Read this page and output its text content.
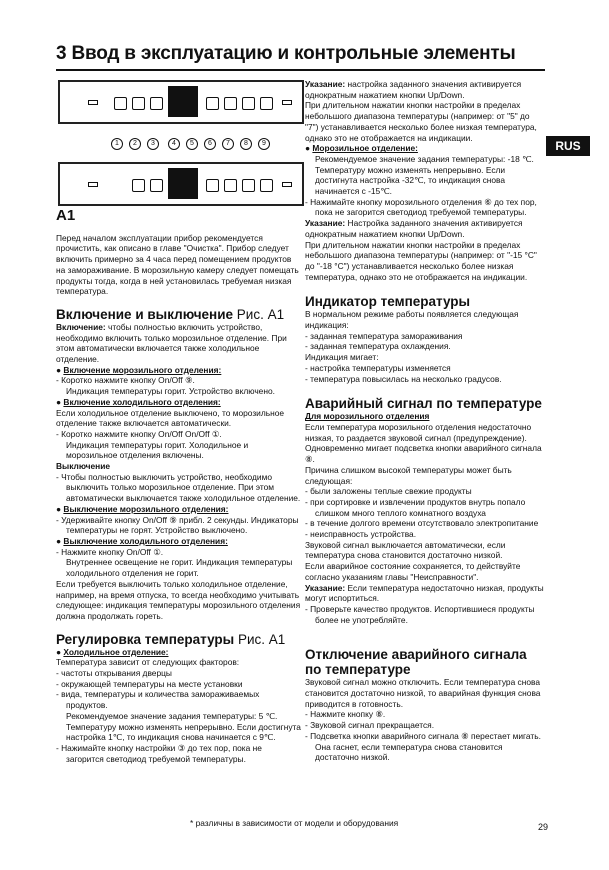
3 Ввод в эксплуатацию и контрольные элементы
RUS
1	2	3	4	5	6	7	8	9

A1

Перед началом эксплуатации прибор рекомендуется прочистить, как описано в главе "Очистка". Прибор следует включить примерно за 4 часа перед помещением продуктов на замораживание. В морозильную камеру следует помещать продукты тогда, когда в ней установилась требуемая низкая температура.

Включение и выключение Рис. A1

Включение: чтобы полностью включить устройство, необходимо включить только морозильное отделение. При этом автоматически включается также холодильное отделение.

● Включение морозильного отделения:

- Коротко нажмите кнопку On/Off ⑨.

Индикация температуры горит. Устройство включено.

● Включение холодильного отделения:

Если холодильное отделение выключено, то морозильное отделение также включается автоматически.

- Коротко нажмите кнопку On/Off On/Off ①.

Индикация температуры горит. Холодильное и морозильное отделения включены.

Выключение

- Чтобы полностью выключить устройство, необходимо выключить только морозильное отделение. При этом автоматически выключается также холодильное отделение.

● Выключение морозильного отделения:

- Удерживайте кнопку On/Off ⑨ прибл. 2 секунды. Индикаторы температуры не горят. Устройство выключено.

● Выключение холодильного отделения:

- Нажмите кнопку On/Off ①.

Внутреннее освещение не горит. Индикация температуры холодильного отделения не горит.

Если требуется выключить только холодильное отделение, например, на время отпуска, то всегда необходимо учитывать следующее: индикация температуры морозильного отделения должна продолжать гореть.

Регулировка температуры Рис. A1

● Холодильное отделение:

Температура зависит от следующих факторов:

- частоты открывания дверцы

- окружающей температуры на месте установки

- вида, температуры и количества замораживаемых продуктов.

Рекомендуемое значение задания температуры: 5 ℃. Температуру можно изменять непрерывно. Если достигнута настройка 1℃, то индикация снова начинается с 9℃.

- Нажимайте кнопку настройки ③ до тех пор, пока не загорится светодиод требуемой температуры.

Указание: настройка заданного значения активируется однократным нажатием кнопки Up/Down.

При длительном нажатии кнопки настройки в пределах небольшого диапазона температуры (например: от "5" до "7") устанавливается несколько более низкая температура, однако это не отображается на индикации.

● Морозильное отделение:

Рекомендуемое значение задания температуры: -18 ℃.

Температуру можно изменять непрерывно. Если достигнута настройка -32℃, то индикация снова начинается с -15℃.

- Нажимайте кнопку морозильного отделения ⑥ до тех пор, пока не загорится светодиод требуемой температуры.

Указание: Настройка заданного значения активируется однократным нажатием кнопки Up/Down.

При длительном нажатии кнопки настройки в пределах небольшого диапазона температуры (например: от "-15 °C" до "-18 °C") устанавливается несколько более низкая температура, однако это не отображается на индикации.

Индикатор температуры

В нормальном режиме работы появляется следующая индикация:

- заданная температура замораживания

- заданная температура охлаждения.

Индикация мигает:

- настройка температуры изменяется

- температура повысилась на несколько градусов.

Аварийный сигнал по температуре

Для морозильного отделения

Если температура морозильного отделения недостаточно низкая, то раздается звуковой сигнал (предупреждение).

Одновременно мигает подсветка кнопки аварийного сигнала ⑧.

Причина слишком высокой температуры может быть следующая:

- были заложены теплые свежие продукты

- при сортировке и извлечении продуктов внутрь попало слишком много теплого комнатного воздуха

- в течение долгого времени отсутствовало электропитание

- неисправность устройства.

Звуковой сигнал выключается автоматически, если температура снова становится достаточно низкой.

Если аварийное состояние сохраняется, то действуйте согласно указаниям главы "Неисправности".

Указание: Если температура недостаточно низкая, продукты могут испортиться.

- Проверьте качество продуктов. Испортившиеся продукты более не употребляйте.

Отключение аварийного сигнала по температуре

Звуковой сигнал можно отключить. Если температура снова становится достаточно низкой, то аварийная функция снова приводится в готовность.

- Нажмите кнопку ⑧.

- Звуковой сигнал прекращается.

- Подсветка кнопки аварийного сигнала ⑧ перестает мигать. Она гаснет, если температура снова становится достаточно низкой.

* различны в зависимости от модели и оборудования	29
